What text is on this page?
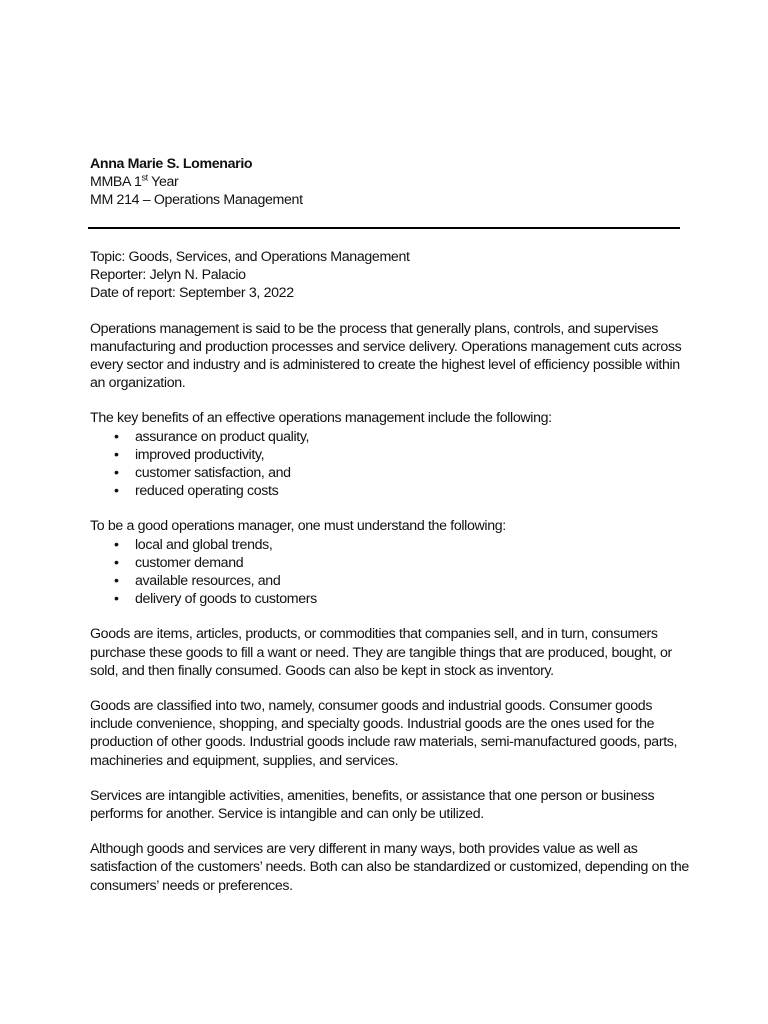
Anna Marie S. Lomenario
MMBA 1st Year
MM 214 – Operations Management

Topic: Goods, Services, and Operations Management

Reporter: Jelyn N. Palacio

Date of report: September 3, 2022

Operations management is said to be the process that generally plans, controls, and supervises manufacturing and production processes and service delivery. Operations management cuts across every sector and industry and is administered to create the highest level of efficiency possible within an organization.

The key benefits of an effective operations management include the following:

• assurance on product quality,
• improved productivity,
• customer satisfaction, and
• reduced operating costs

To be a good operations manager, one must understand the following:

• local and global trends,
• customer demand
• available resources, and
• delivery of goods to customers

Goods are items, articles, products, or commodities that companies sell, and in turn, consumers purchase these goods to fill a want or need. They are tangible things that are produced, bought, or sold, and then finally consumed. Goods can also be kept in stock as inventory.

Goods are classified into two, namely, consumer goods and industrial goods. Consumer goods include convenience, shopping, and specialty goods. Industrial goods are the ones used for the production of other goods. Industrial goods include raw materials, semi-manufactured goods, parts, machineries and equipment, supplies, and services.

Services are intangible activities, amenities, benefits, or assistance that one person or business performs for another. Service is intangible and can only be utilized.

Although goods and services are very different in many ways, both provides value as well as satisfaction of the customers’ needs. Both can also be standardized or customized, depending on the consumers’ needs or preferences.
